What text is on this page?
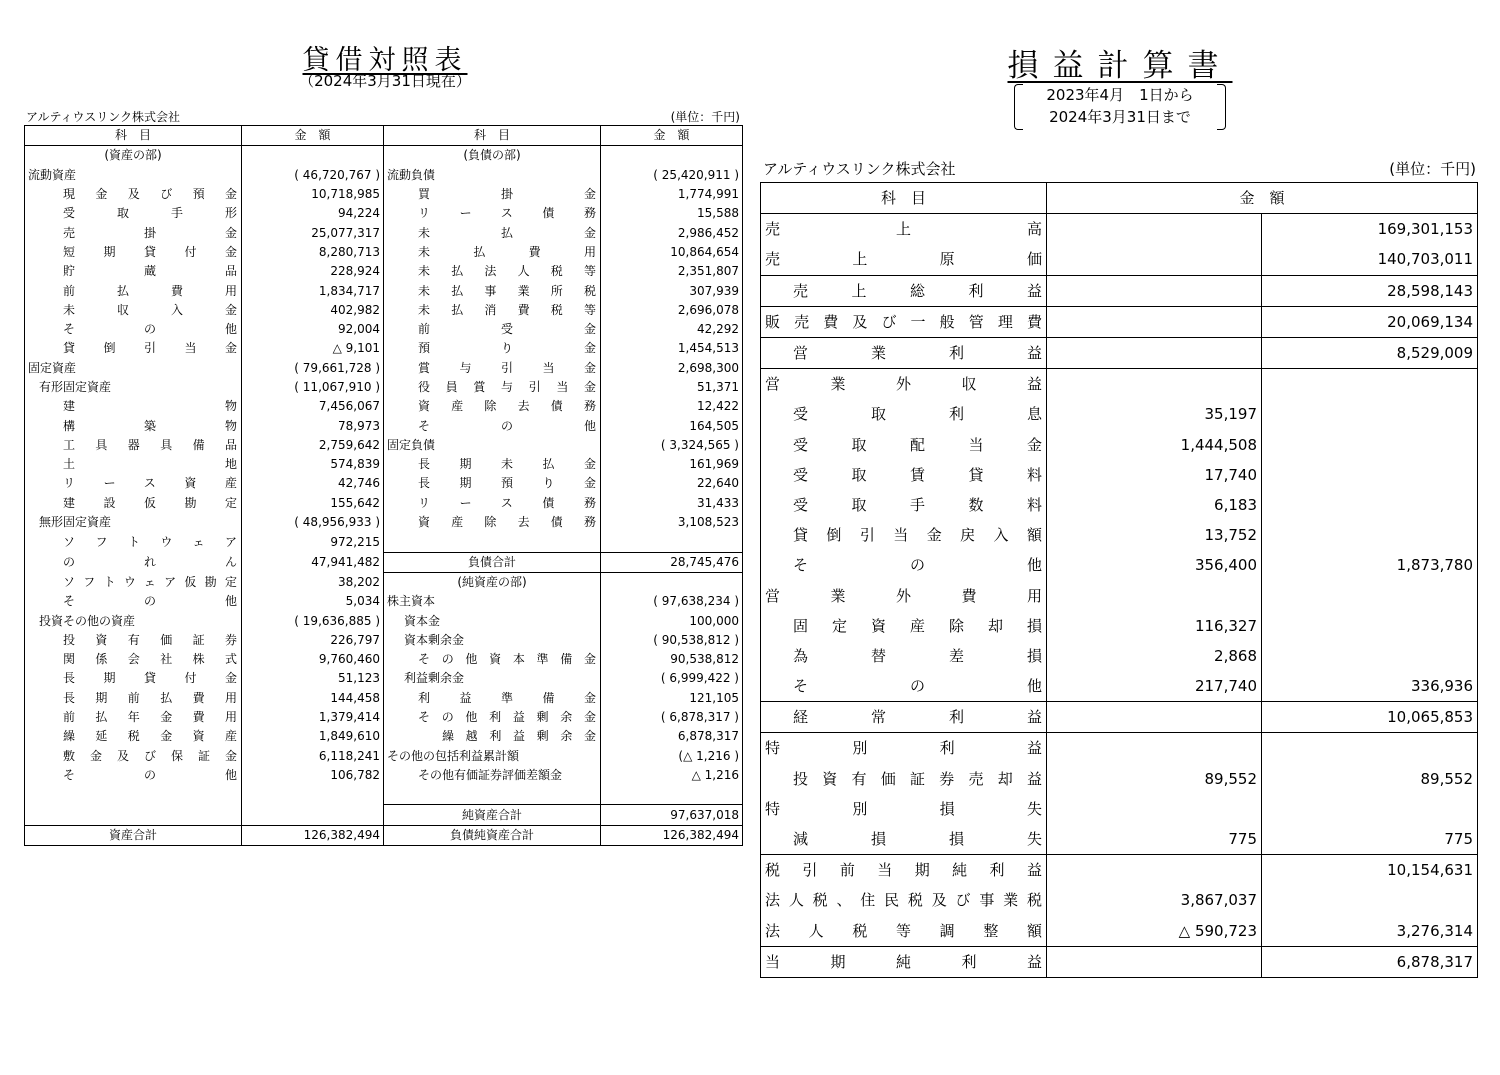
貸借対照表
（2024年3月31日現在）
アルティウスリンク株式会社	(単位：千円)
科　目	金　額	科　目	金　額
(資産の部)		(負債の部)	
流動資産	( 46,720,767 )	流動負債	( 25,420,911 )
現金及び預金	10,718,985	買掛金	1,774,991
受取手形	94,224	リース債務	15,588
売掛金	25,077,317	未払金	2,986,452
短期貸付金	8,280,713	未払費用	10,864,654
貯蔵品	228,924	未払法人税等	2,351,807
前払費用	1,834,717	未払事業所税	307,939
未収入金	402,982	未払消費税等	2,696,078
その他	92,004	前受金	42,292
貸倒引当金	△ 9,101	預り金	1,454,513
固定資産	( 79,661,728 )	賞与引当金	2,698,300
有形固定資産	( 11,067,910 )	役員賞与引当金	51,371
建物	7,456,067	資産除去債務	12,422
構築物	78,973	その他	164,505
工具器具備品	2,759,642	固定負債	( 3,324,565 )
土地	574,839	長期未払金	161,969
リース資産	42,746	長期預り金	22,640
建設仮勘定	155,642	リース債務	31,433
無形固定資産	( 48,956,933 )	資産除去債務	3,108,523
ソフトウェア	972,215		
のれん	47,941,482	負債合計	28,745,476
ソフトウェア仮勘定	38,202	(純資産の部)	
その他	5,034	株主資本	( 97,638,234 )
投資その他の資産	( 19,636,885 )	資本金	100,000
投資有価証券	226,797	資本剰余金	( 90,538,812 )
関係会社株式	9,760,460	その他資本準備金	90,538,812
長期貸付金	51,123	利益剰余金	( 6,999,422 )
長期前払費用	144,458	利益準備金	121,105
前払年金費用	1,379,414	その他利益剰余金	( 6,878,317 )
繰延税金資産	1,849,610	繰越利益剰余金	6,878,317
敷金及び保証金	6,118,241	その他の包括利益累計額	(△ 1,216 )
その他	106,782	その他有価証券評価差額金	△ 1,216

		純資産合計	97,637,018
資産合計	126,382,494	負債純資産合計	126,382,494
損益計算書
2023年4月　1日から
2024年3月31日まで
アルティウスリンク株式会社	(単位：千円)
科　目	金　額	
売上高		169,301,153
売上原価		140,703,011
売上総利益		28,598,143
販売費及び一般管理費		20,069,134
営業利益		8,529,009
営業外収益		
受取利息	35,197	
受取配当金	1,444,508	
受取賃貸料	17,740	
受取手数料	6,183	
貸倒引当金戻入額	13,752	
その他	356,400	1,873,780
営業外費用		
固定資産除却損	116,327	
為替差損	2,868	
その他	217,740	336,936
経常利益		10,065,853
特別利益		
投資有価証券売却益	89,552	89,552
特別損失		
減損損失	775	775
税引前当期純利益		10,154,631
法人税、住民税及び事業税	3,867,037	
法人税等調整額	△ 590,723	3,276,314
当期純利益		6,878,317
